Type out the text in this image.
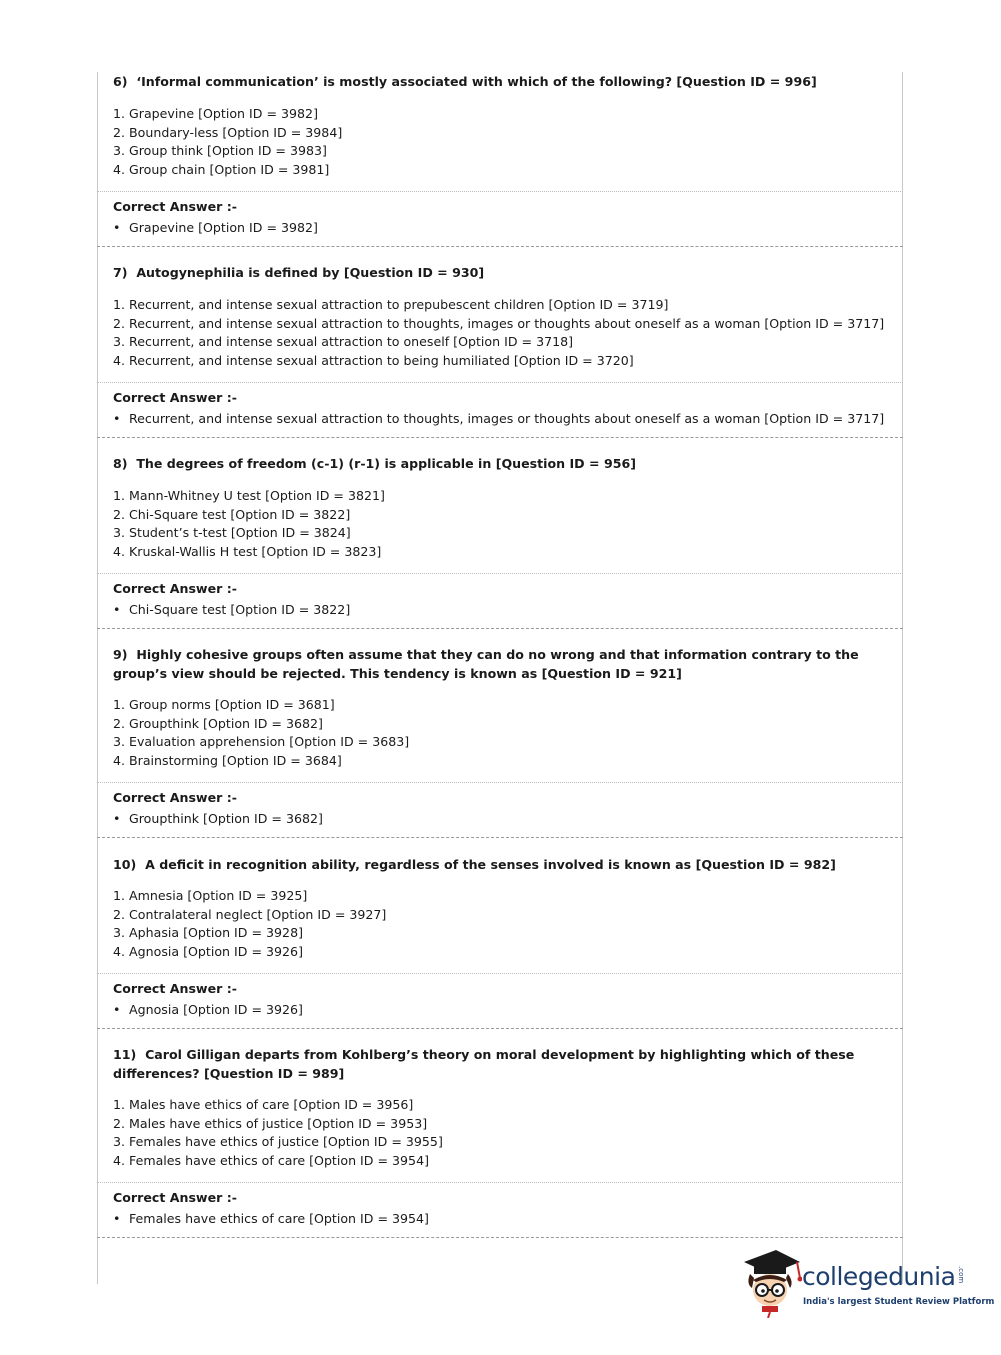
6) ‘Informal communication’ is mostly associated with which of the following? [Question ID = 996]
1. Grapevine [Option ID = 3982]
2. Boundary-less [Option ID = 3984]
3. Group think [Option ID = 3983]
4. Group chain [Option ID = 3981]
Correct Answer :-
• Grapevine [Option ID = 3982]
7) Autogynephilia is defined by [Question ID = 930]
1. Recurrent, and intense sexual attraction to prepubescent children [Option ID = 3719]
2. Recurrent, and intense sexual attraction to thoughts, images or thoughts about oneself as a woman [Option ID = 3717]
3. Recurrent, and intense sexual attraction to oneself [Option ID = 3718]
4. Recurrent, and intense sexual attraction to being humiliated [Option ID = 3720]
Correct Answer :-
• Recurrent, and intense sexual attraction to thoughts, images or thoughts about oneself as a woman [Option ID = 3717]
8) The degrees of freedom (c-1) (r-1) is applicable in [Question ID = 956]
1. Mann-Whitney U test [Option ID = 3821]
2. Chi-Square test [Option ID = 3822]
3. Student’s t-test [Option ID = 3824]
4. Kruskal-Wallis H test [Option ID = 3823]
Correct Answer :-
• Chi-Square test [Option ID = 3822]
9) Highly cohesive groups often assume that they can do no wrong and that information contrary to the group’s view should be rejected. This tendency is known as [Question ID = 921]
1. Group norms [Option ID = 3681]
2. Groupthink [Option ID = 3682]
3. Evaluation apprehension [Option ID = 3683]
4. Brainstorming [Option ID = 3684]
Correct Answer :-
• Groupthink [Option ID = 3682]
10) A deficit in recognition ability, regardless of the senses involved is known as [Question ID = 982]
1. Amnesia [Option ID = 3925]
2. Contralateral neglect [Option ID = 3927]
3. Aphasia [Option ID = 3928]
4. Agnosia [Option ID = 3926]
Correct Answer :-
• Agnosia [Option ID = 3926]
11) Carol Gilligan departs from Kohlberg’s theory on moral development by highlighting which of these differences? [Question ID = 989]
1. Males have ethics of care [Option ID = 3956]
2. Males have ethics of justice [Option ID = 3953]
3. Females have ethics of justice [Option ID = 3955]
4. Females have ethics of care [Option ID = 3954]
Correct Answer :-
• Females have ethics of care [Option ID = 3954]
collegedunia .com
India's largest Student Review Platform
